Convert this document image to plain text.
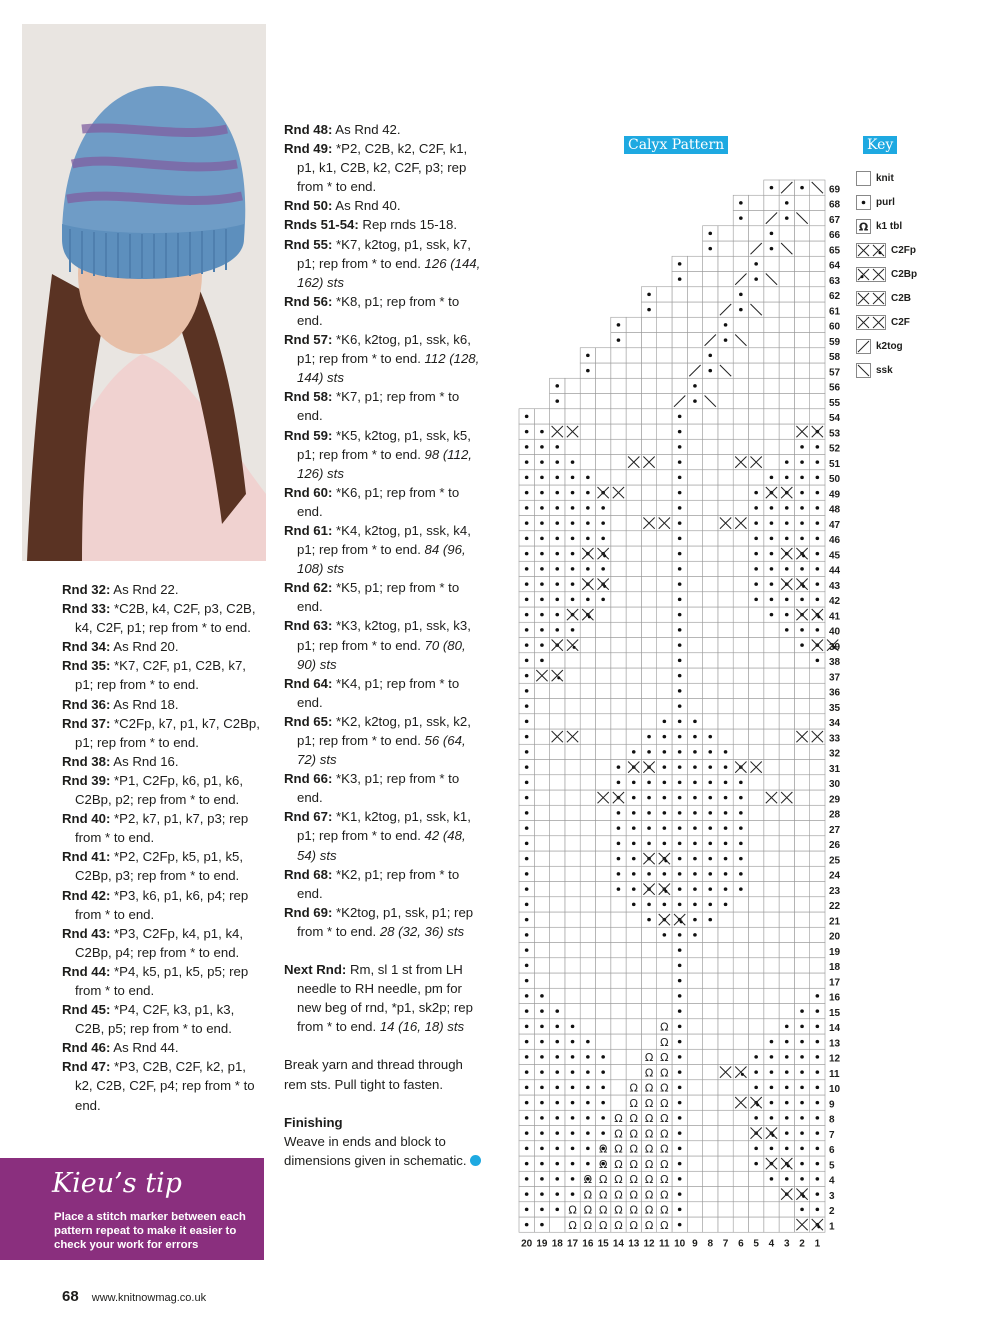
Rnd 32: As Rnd 22.

Rnd 33: *C2B, k4, C2F, p3, C2B, k4, C2F, p1; rep from * to end.

Rnd 34: As Rnd 20.

Rnd 35: *K7, C2F, p1, C2B, k7, p1; rep from * to end.

Rnd 36: As Rnd 18.

Rnd 37: *C2Fp, k7, p1, k7, C2Bp, p1; rep from * to end.

Rnd 38: As Rnd 16.

Rnd 39: *P1, C2Fp, k6, p1, k6, C2Bp, p2; rep from * to end.

Rnd 40: *P2, k7, p1, k7, p3; rep from * to end.

Rnd 41: *P2, C2Fp, k5, p1, k5, C2Bp, p3; rep from * to end.

Rnd 42: *P3, k6, p1, k6, p4; rep from * to end.

Rnd 43: *P3, C2Fp, k4, p1, k4, C2Bp, p4; rep from * to end.

Rnd 44: *P4, k5, p1, k5, p5; rep from * to end.

Rnd 45: *P4, C2F, k3, p1, k3, C2B, p5; rep from * to end.

Rnd 46: As Rnd 44.

Rnd 47: *P3, C2B, C2F, k2, p1, k2, C2B, C2F, p4; rep from * to end.

Rnd 48: As Rnd 42.

Rnd 49: *P2, C2B, k2, C2F, k1, p1, k1, C2B, k2, C2F, p3; rep from * to end.

Rnd 50: As Rnd 40.

Rnds 51-54: Rep rnds 15-18.

Rnd 55: *K7, k2tog, p1, ssk, k7, p1; rep from * to end. 126 (144, 162) sts

Rnd 56: *K8, p1; rep from * to end.

Rnd 57: *K6, k2tog, p1, ssk, k6, p1; rep from * to end. 112 (128, 144) sts

Rnd 58: *K7, p1; rep from * to end.

Rnd 59: *K5, k2tog, p1, ssk, k5, p1; rep from * to end. 98 (112, 126) sts

Rnd 60: *K6, p1; rep from * to end.

Rnd 61: *K4, k2tog, p1, ssk, k4, p1; rep from * to end. 84 (96, 108) sts

Rnd 62: *K5, p1; rep from * to end.

Rnd 63: *K3, k2tog, p1, ssk, k3, p1; rep from * to end. 70 (80, 90) sts

Rnd 64: *K4, p1; rep from * to end.

Rnd 65: *K2, k2tog, p1, ssk, k2, p1; rep from * to end. 56 (64, 72) sts

Rnd 66: *K3, p1; rep from * to end.

Rnd 67: *K1, k2tog, p1, ssk, k1, p1; rep from * to end. 42 (48, 54) sts

Rnd 68: *K2, p1; rep from * to end.

Rnd 69: *K2tog, p1, ssk, p1; rep from * to end. 28 (32, 36) sts

Next Rnd: Rm, sl 1 st from LH needle to RH needle, pm for new beg of rnd, *p1, sk2p; rep from * to end. 14 (16, 18) sts

Break yarn and thread through rem sts. Pull tight to fasten.

Finishing

Weave in ends and block to dimensions given in schematic.

Kieu’s tip
Place a stitch marker between each pattern repeat to make it easier to check your work for errors
68 www.knitnowmag.co.uk
Calyx Pattern	Key
knit
purl
Ω k1 tbl
C2Fp
C2Bp
C2B
C2F
k2tog
ssk
Ω
Ω
Ω
Ω
Ω
Ω
Ω
Ω
Ω
Ω
Ω
Ω
Ω
Ω
Ω
Ω
Ω
Ω
Ω
Ω
Ω
Ω
Ω
Ω
Ω
Ω
Ω
Ω
Ω
Ω
Ω
Ω
Ω
Ω
Ω
Ω
Ω
Ω
Ω
Ω
Ω
Ω
Ω
Ω
Ω
Ω
Ω
Ω
Ω
Ω
Ω
Ω
Ω
Ω
Ω
Ω
1
2
3
4
5
6
7
8
9
10
11
12
13
14
15
16
17
18
19
20
21
22
23
24
25
26
27
28
29
30
31
32
33
34
35
36
37
38
39
40
41
42
43
44
45
46
47
48
49
50
51
52
53
54
55
56
57
58
59
60
61
62
63
64
65
66
67
68
69
20 19 18 17 16 15 14 13 12 11 10 9 8 7 6 5 4 3 2 1
